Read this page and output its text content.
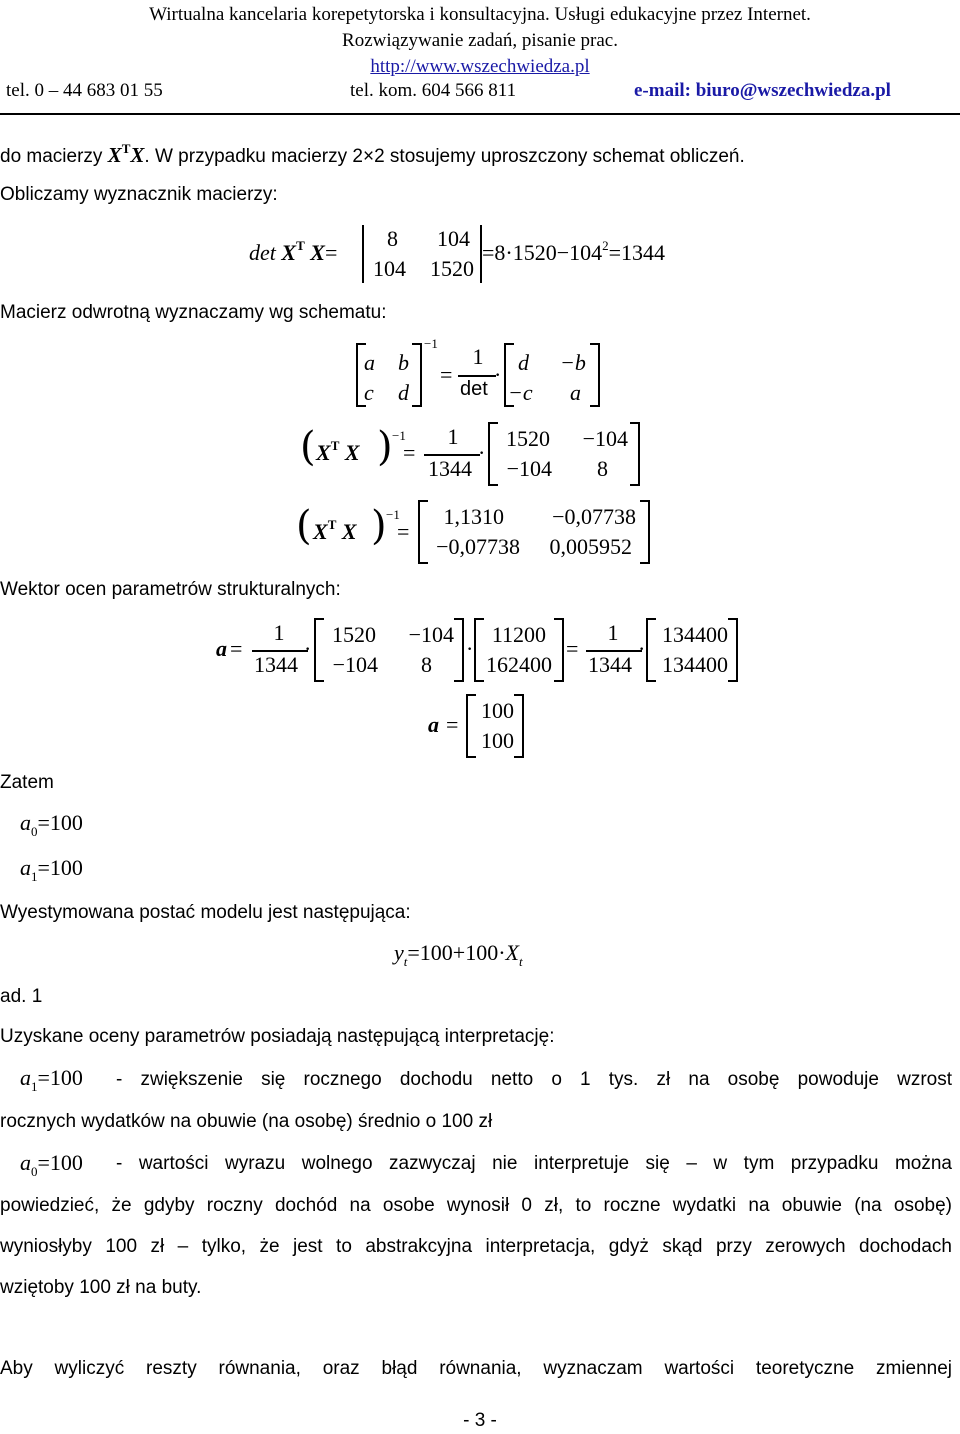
Wirtualna kancelaria korepetytorska i konsultacyjna. Usługi edukacyjne przez Internet.
Rozwiązywanie zadań, pisanie prac.
http://www.wszechwiedza.pl
tel. 0 – 44 683 01 55	tel. kom. 604 566 811	e-mail: biuro@wszechwiedza.pl
do macierzy $X^TX$. W przypadku macierzy 2×2 stosujemy uproszczony schemat obliczeń.
Obliczamy wyznacznik macierzy:
$\det X^T$ X=
8	104
104	1520
$=8\cdot 1520-104^2=1344$
Macierz odwrotną wyznaczamy wg schematu:
a b
c d
−1
=
1
det
· d −b
−c a
( $X^T$ X ) −1
=
1
1344
·
1520	−104
−104	8
( $X^T$ X ) −1
=
1,1310	−0,07738
−0,07738	0,005952
Wektor ocen parametrów strukturalnych:
a =
1
1344
·
1520	−104
−104	8
·
11200
162400
=
1
1344
·
134400
134400
a =
100
100
Zatem
$a_0=100$
$a_1=100$
Wyestymowana postać modelu jest następująca:
$y_t=100+100\cdot X_t$
ad. 1
Uzyskane oceny parametrów posiadają następującą interpretację:
$a_1=100$ - zwiększenie się rocznego dochodu netto o 1 tys. zł na osobę powoduje wzrost
rocznych wydatków na obuwie (na osobę) średnio o 100 zł
$a_0=100$ - wartości wyrazu wolnego zazwyczaj nie interpretuje się – w tym przypadku można
powiedzieć, że gdyby roczny dochód na osobe wynosił 0 zł, to roczne wydatki na obuwie (na osobę)
wyniosłyby 100 zł – tylko, że jest to abstrakcyjna interpretacja, gdyż skąd przy zerowych dochodach
wziętoby 100 zł na buty.
Aby wyliczyć reszty równania, oraz błąd równania, wyznaczam wartości teoretyczne zmiennej
- 3 -
